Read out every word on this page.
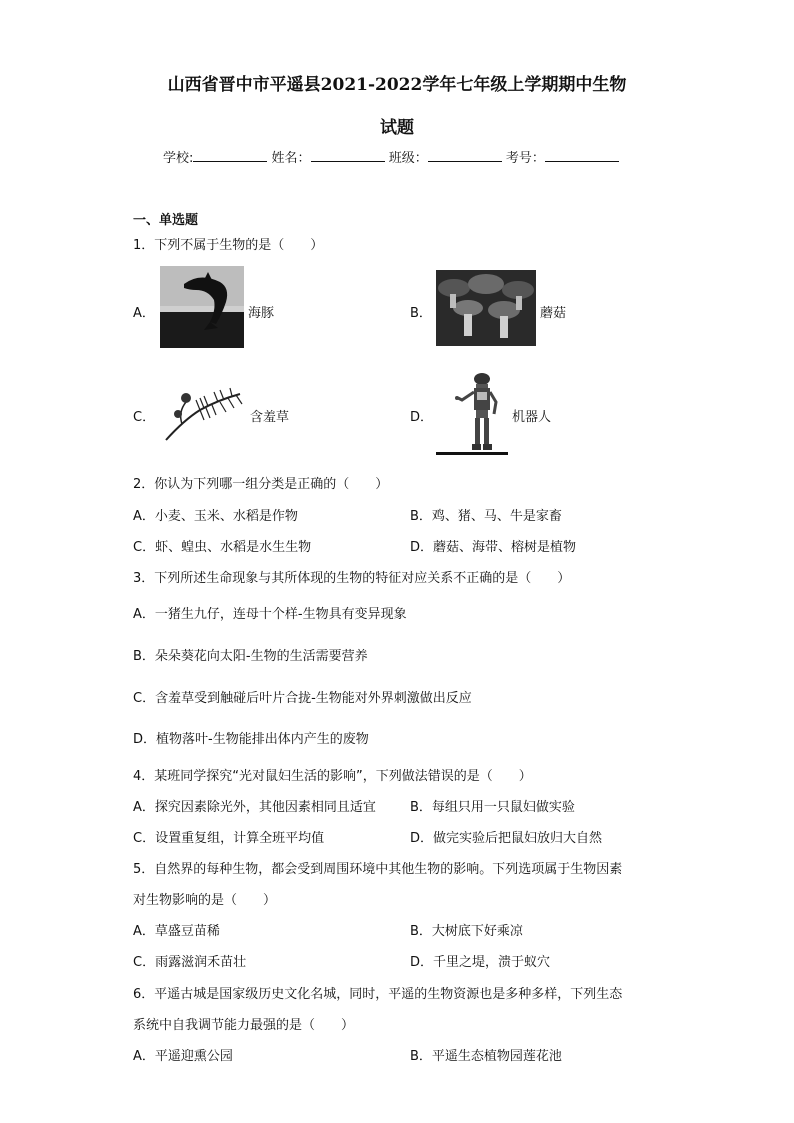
山西省晋中市平遥县2021-2022学年七年级上学期期中生物
试题
学校:	姓名：	班级：	考号：
一、单选题
1．下列不属于生物的是（　　）
A．	海豚	B．	蘑菇
C．	含羞草	D．	机器人
2．你认为下列哪一组分类是正确的（　　）
A．小麦、玉米、水稻是作物	B．鸡、猪、马、牛是家畜
C．虾、蝗虫、水稻是水生生物	D．蘑菇、海带、榕树是植物
3．下列所述生命现象与其所体现的生物的特征对应关系不正确的是（　　）
A．一猪生九仔，连母十个样-生物具有变异现象
B．朵朵葵花向太阳-生物的生活需要营养
C．含羞草受到触碰后叶片合拢-生物能对外界刺激做出反应
D．植物落叶-生物能排出体内产生的废物
4．某班同学探究“光对鼠妇生活的影响”，下列做法错误的是（　　）
A．探究因素除光外，其他因素相同且适宜	B．每组只用一只鼠妇做实验
C．设置重复组，计算全班平均值	D．做完实验后把鼠妇放归大自然
5．自然界的每种生物，都会受到周围环境中其他生物的影响。下列选项属于生物因素
对生物影响的是（　　）
A．草盛豆苗稀	B．大树底下好乘凉
C．雨露滋润禾苗壮	D．千里之堤，溃于蚁穴
6．平遥古城是国家级历史文化名城，同时，平遥的生物资源也是多种多样，下列生态
系统中自我调节能力最强的是（　　）
A．平遥迎熏公园	B．平遥生态植物园莲花池
